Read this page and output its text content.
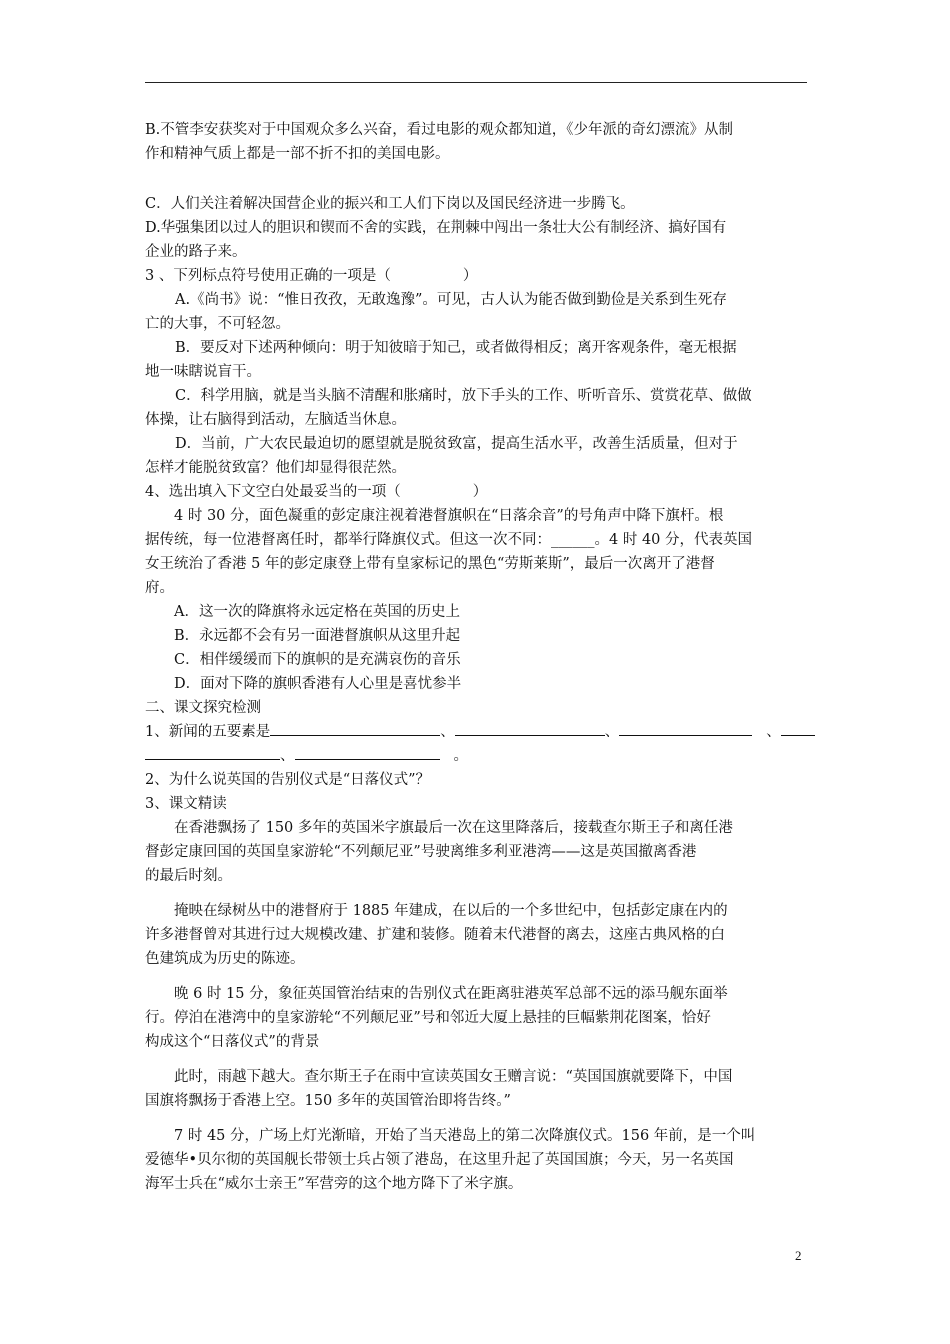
B.不管李安获奖对于中国观众多么兴奋，看过电影的观众都知道，《少年派的奇幻漂流》从制
作和精神气质上都是一部不折不扣的美国电影。
C．人们关注着解决国营企业的振兴和工人们下岗以及国民经济进一步腾飞。
D.华强集团以过人的胆识和锲而不舍的实践，在荆棘中闯出一条壮大公有制经济、搞好国有
企业的路子来。
3 、下列标点符号使用正确的一项是（	）
A.《尚书》说：“惟日孜孜，无敢逸豫”。可见，古人认为能否做到勤俭是关系到生死存
亡的大事，不可轻忽。
B．要反对下述两种倾向：明于知彼暗于知己，或者做得相反；离开客观条件，毫无根据
地一味瞎说盲干。
C．科学用脑，就是当头脑不清醒和胀痛时，放下手头的工作、听听音乐、赏赏花草、做做
体操，让右脑得到活动，左脑适当休息。
D．当前，广大农民最迫切的愿望就是脱贫致富，提高生活水平，改善生活质量，但对于
怎样才能脱贫致富？他们却显得很茫然。
4、选出填入下文空白处最妥当的一项（	）
4 时 30 分，面色凝重的彭定康注视着港督旗帜在“日落余音”的号角声中降下旗杆。根
据传统，每一位港督离任时，都举行降旗仪式。但这一次不同：______。4 时 40 分，代表英国
女王统治了香港 5 年的彭定康登上带有皇家标记的黑色“劳斯莱斯”，最后一次离开了港督
府。
A．这一次的降旗将永远定格在英国的历史上
B．永远都不会有另一面港督旗帜从这里升起
C．相伴缓缓而下的旗帜的是充满哀伤的音乐
D．面对下降的旗帜香港有人心里是喜忧参半
二、课文探究检测
1、新闻的五要素是	、	、	、
、	。
2、为什么说英国的告别仪式是“日落仪式”？
3、课文精读
在香港飘扬了 150 多年的英国米字旗最后一次在这里降落后，接载查尔斯王子和离任港
督彭定康回国的英国皇家游轮“不列颠尼亚”号驶离维多利亚港湾——这是英国撤离香港
的最后时刻。
掩映在绿树丛中的港督府于 1885 年建成，在以后的一个多世纪中，包括彭定康在内的
许多港督曾对其进行过大规模改建、扩建和装修。随着末代港督的离去，这座古典风格的白
色建筑成为历史的陈迹。
晚 6 时 15 分，象征英国管治结束的告别仪式在距离驻港英军总部不远的添马舰东面举
行。停泊在港湾中的皇家游轮“不列颠尼亚”号和邻近大厦上悬挂的巨幅紫荆花图案，恰好
构成这个“日落仪式”的背景
此时，雨越下越大。查尔斯王子在雨中宣读英国女王赠言说：“英国国旗就要降下，中国
国旗将飘扬于香港上空。150 多年的英国管治即将告终。”
7 时 45 分，广场上灯光渐暗，开始了当天港岛上的第二次降旗仪式。156 年前，是一个叫
爱德华•贝尔彻的英国舰长带领士兵占领了港岛，在这里升起了英国国旗；今天，另一名英国
海军士兵在“威尔士亲王”军营旁的这个地方降下了米字旗。
2
